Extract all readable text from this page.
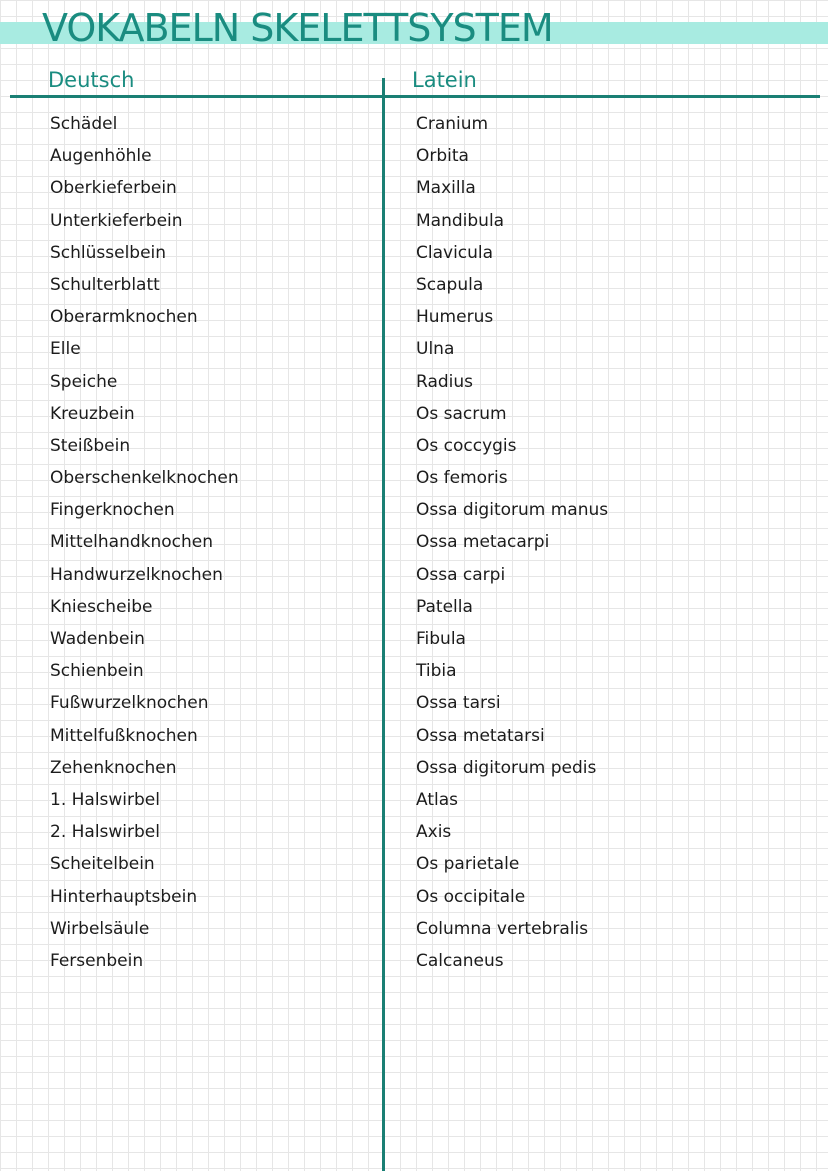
VOKABELN SKELETTSYSTEM
Deutsch	Latein
Schädel
Augenhöhle
Oberkieferbein
Unterkieferbein
Schlüsselbein
Schulterblatt
Oberarmknochen
Elle
Speiche
Kreuzbein
Steißbein
Oberschenkelknochen
Fingerknochen
Mittelhandknochen
Handwurzelknochen
Kniescheibe
Wadenbein
Schienbein
Fußwurzelknochen
Mittelfußknochen
Zehenknochen
1. Halswirbel
2. Halswirbel
Scheitelbein
Hinterhauptsbein
Wirbelsäule
Fersenbein
Cranium
Orbita
Maxilla
Mandibula
Clavicula
Scapula
Humerus
Ulna
Radius
Os sacrum
Os coccygis
Os femoris
Ossa digitorum manus
Ossa metacarpi
Ossa carpi
Patella
Fibula
Tibia
Ossa tarsi
Ossa metatarsi
Ossa digitorum pedis
Atlas
Axis
Os parietale
Os occipitale
Columna vertebralis
Calcaneus
